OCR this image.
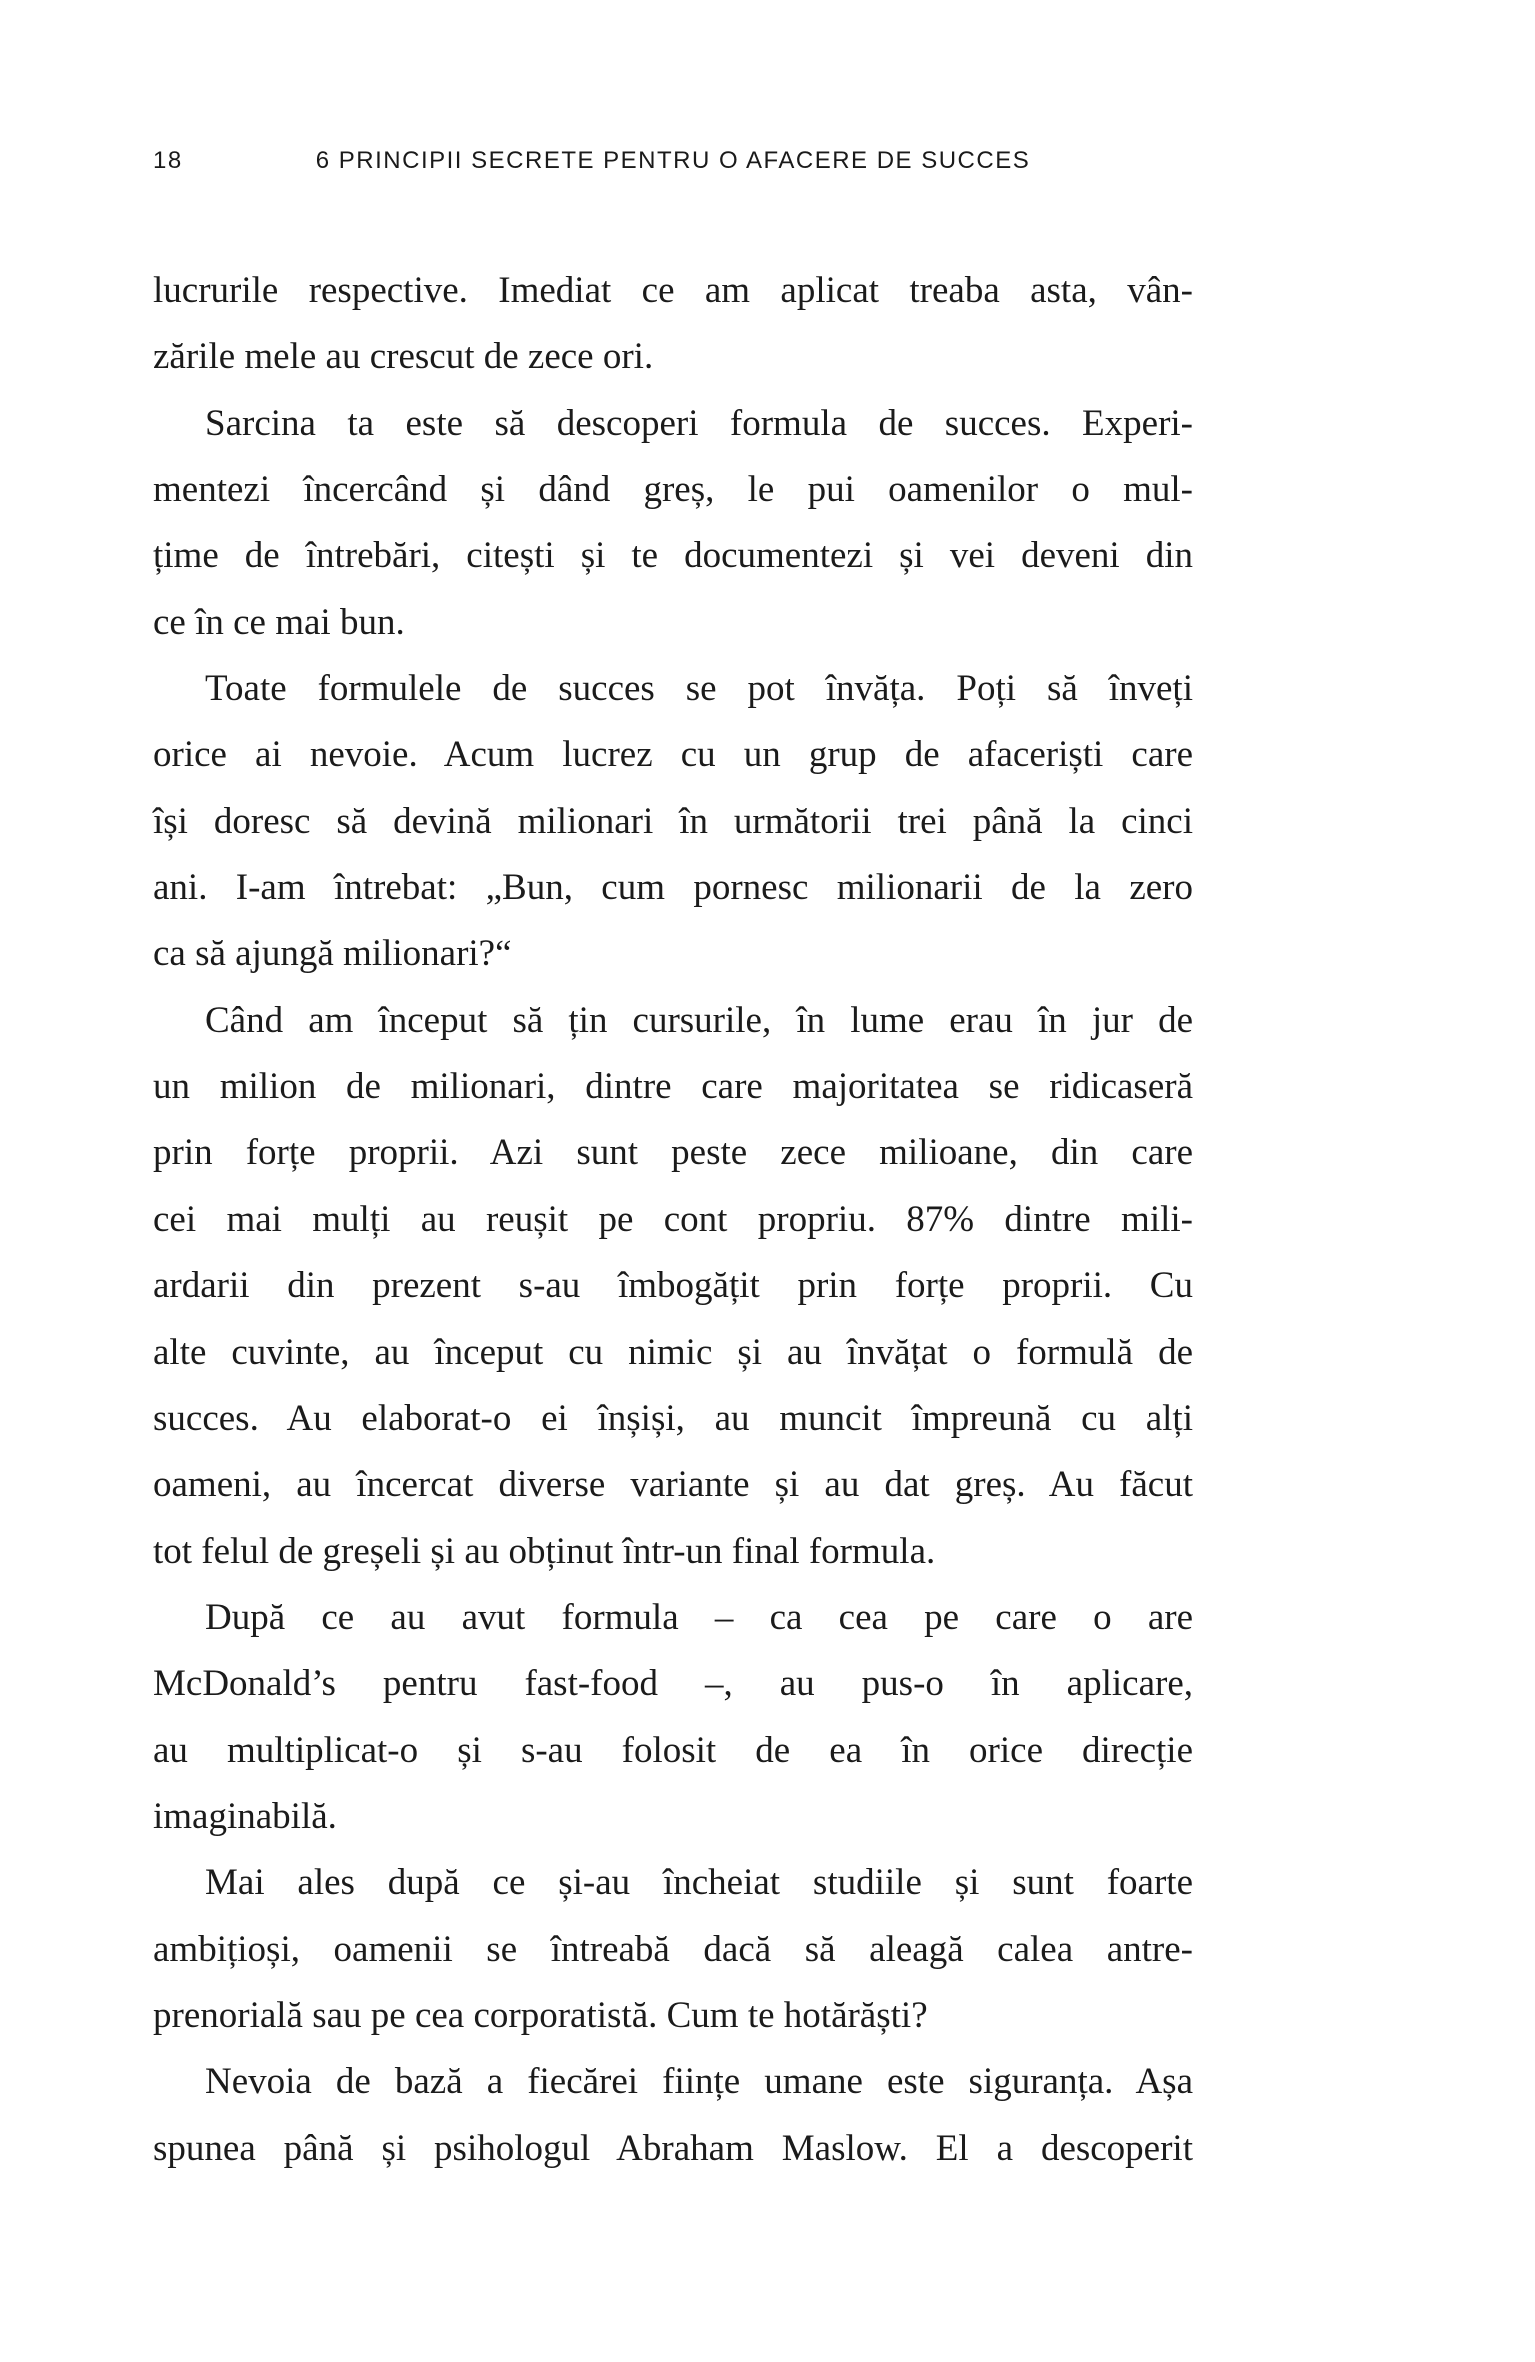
18	6 PRINCIPII SECRETE PENTRU O AFACERE DE SUCCES
lucrurile respective. Imediat ce am aplicat treaba asta, vân-
zările mele au crescut de zece ori.
Sarcina ta este să descoperi formula de succes. Experi-
mentezi încercând și dând greș, le pui oamenilor o mul-
țime de întrebări, citești și te documentezi și vei deveni din
ce în ce mai bun.
Toate formulele de succes se pot învăța. Poți să înveți
orice ai nevoie. Acum lucrez cu un grup de afaceriști care
își doresc să devină milionari în următorii trei până la cinci
ani. I-am întrebat: „Bun, cum pornesc milionarii de la zero
ca să ajungă milionari?“
Când am început să țin cursurile, în lume erau în jur de
un milion de milionari, dintre care majoritatea se ridicaseră
prin forțe proprii. Azi sunt peste zece milioane, din care
cei mai mulți au reușit pe cont propriu. 87% dintre mili-
ardarii din prezent s-au îmbogățit prin forțe proprii. Cu
alte cuvinte, au început cu nimic și au învățat o formulă de
succes. Au elaborat-o ei înșiși, au muncit împreună cu alți
oameni, au încercat diverse variante și au dat greș. Au făcut
tot felul de greșeli și au obținut într-un final formula.
După ce au avut formula – ca cea pe care o are
McDonald’s pentru fast-food –, au pus-o în aplicare,
au multiplicat-o și s-au folosit de ea în orice direcție
imaginabilă.
Mai ales după ce și-au încheiat studiile și sunt foarte
ambițioși, oamenii se întreabă dacă să aleagă calea antre-
prenorială sau pe cea corporatistă. Cum te hotărăști?
Nevoia de bază a fiecărei ființe umane este siguranța. Așa
spunea până și psihologul Abraham Maslow. El a descoperit
